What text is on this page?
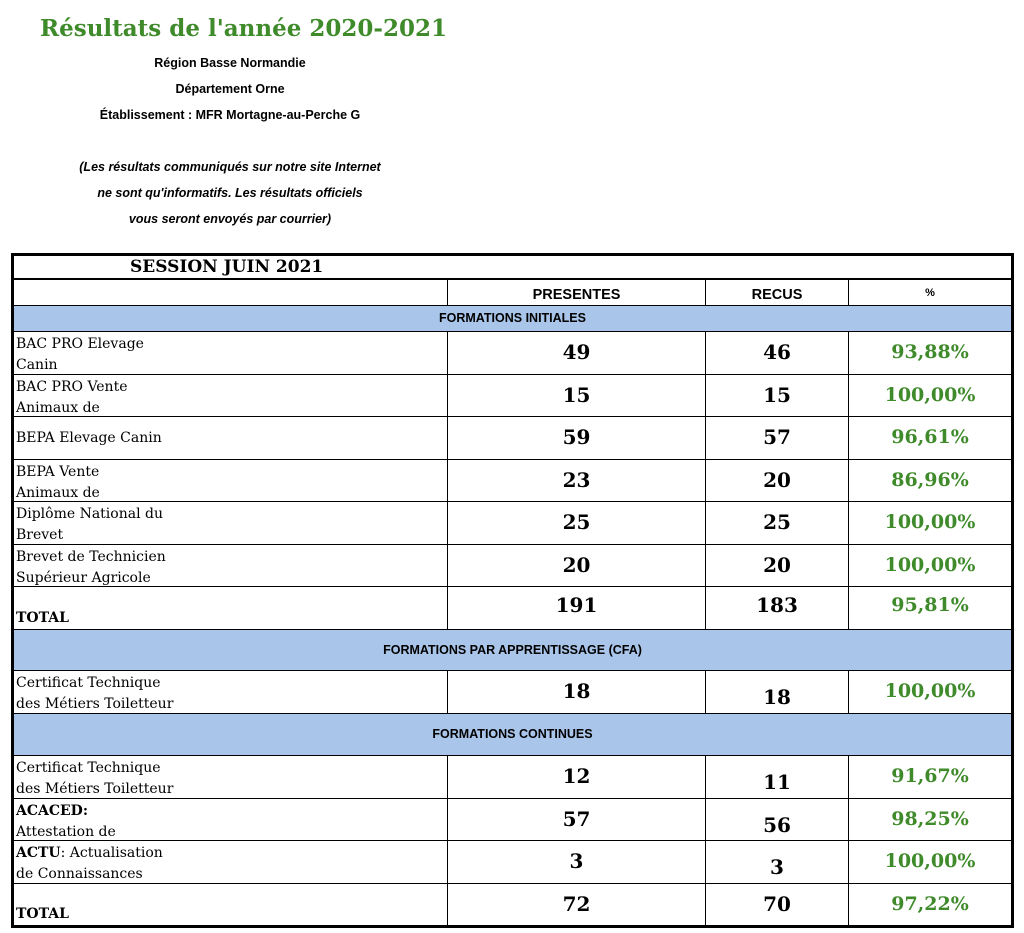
Résultats de l'année 2020-2021
Région Basse Normandie
Département Orne
Établissement : MFR Mortagne-au-Perche G
(Les résultats communiqués sur notre site Internet
ne sont qu'informatifs. Les résultats officiels
vous seront envoyés par courrier)
SESSION JUIN 2021
PRESENTES	RECUS	%
FORMATIONS INITIALES
BAC PRO Elevage
Canin
49	46	93,88%
BAC PRO Vente
Animaux de
15	15	100,00%
BEPA Elevage Canin	59	57	96,61%
BEPA Vente
Animaux de
23	20	86,96%
Diplôme National du
Brevet
25	25	100,00%
Brevet de Technicien
Supérieur Agricole
20	20	100,00%
TOTAL
191	183	95,81%
FORMATIONS PAR APPRENTISSAGE (CFA)
Certificat Technique
des Métiers Toiletteur
18	18	100,00%
FORMATIONS CONTINUES
Certificat Technique
des Métiers Toiletteur
12	11	91,67%
ACACED:
Attestation de
57	56	98,25%
ACTU: Actualisation
de Connaissances
3	3	100,00%
TOTAL	72	70	97,22%
